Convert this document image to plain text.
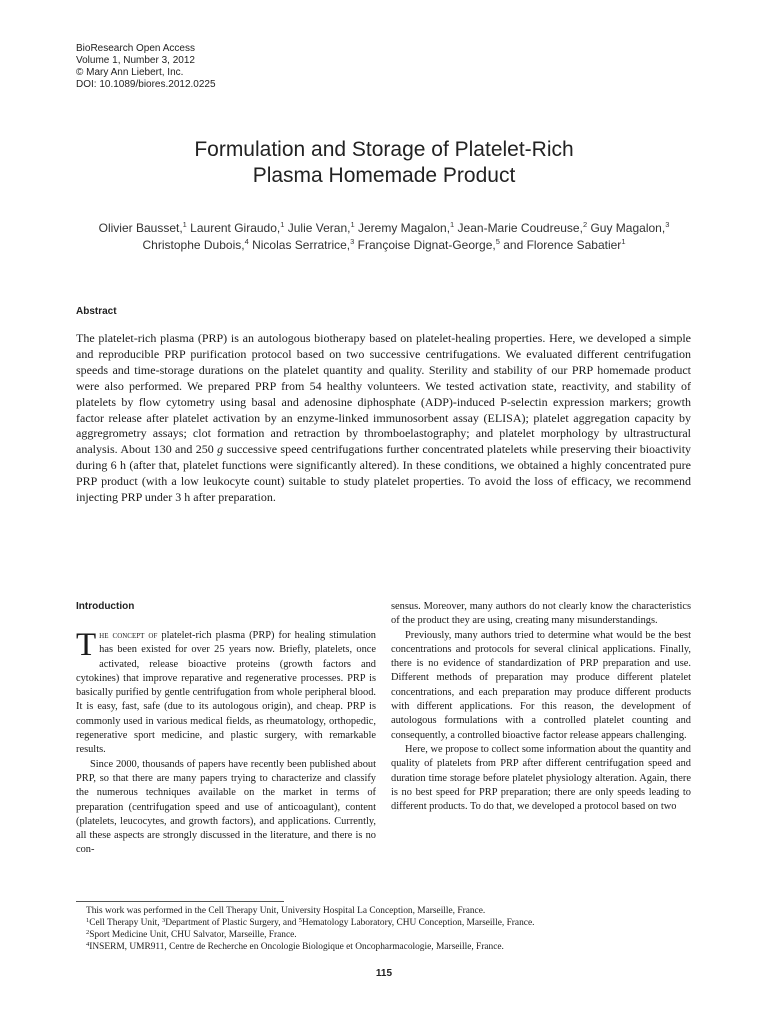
BioResearch Open Access
Volume 1, Number 3, 2012
© Mary Ann Liebert, Inc.
DOI: 10.1089/biores.2012.0225
Formulation and Storage of Platelet-Rich
Plasma Homemade Product
Olivier Bausset,$^1$ Laurent Giraudo,$^1$ Julie Veran,$^1$ Jeremy Magalon,$^1$ Jean-Marie Coudreuse,$^2$ Guy Magalon,$^3$
Christophe Dubois,$^4$ Nicolas Serratrice,$^3$ Françoise Dignat-George,$^5$ and Florence Sabatier$^1$
Abstract
The platelet-rich plasma (PRP) is an autologous biotherapy based on platelet-healing properties. Here, we developed a simple and reproducible PRP purification protocol based on two successive centrifugations. We evaluated different centrifugation speeds and time-storage durations on the platelet quantity and quality. Sterility and stability of our PRP homemade product were also performed. We prepared PRP from 54 healthy volunteers. We tested activation state, reactivity, and stability of platelets by flow cytometry using basal and adenosine diphosphate (ADP)-induced P-selectin expression markers; growth factor release after platelet activation by an enzyme-linked immunosorbent assay (ELISA); platelet aggregation capacity by aggregrometry assays; clot formation and retraction by thromboelastography; and platelet morphology by ultrastructural analysis. About 130 and 250 g successive speed centrifugations further concentrated platelets while preserving their bioactivity during 6 h (after that, platelet functions were significantly altered). In these conditions, we obtained a highly concentrated pure PRP product (with a low leukocyte count) suitable to study platelet properties. To avoid the loss of efficacy, we recommend injecting PRP under 3 h after preparation.
Introduction

The concept of platelet-rich plasma (PRP) for healing stimulation has been existed for over 25 years now. Briefly, platelets, once activated, release bioactive proteins (growth factors and cytokines) that improve reparative and regenerative processes. PRP is basically purified by gentle centrifugation from whole peripheral blood. It is easy, fast, safe (due to its autologous origin), and cheap. PRP is commonly used in various medical fields, as rheumatology, orthopedic, regenerative sport medicine, and plastic surgery, with remarkable results.

Since 2000, thousands of papers have recently been published about PRP, so that there are many papers trying to characterize and classify the numerous techniques available on the market in terms of preparation (centrifugation speed and use of anticoagulant), content (platelets, leucocytes, and growth factors), and applications. Currently, all these aspects are strongly discussed in the literature, and there is no con-

sensus. Moreover, many authors do not clearly know the characteristics of the product they are using, creating many misunderstandings.

Previously, many authors tried to determine what would be the best concentrations and protocols for several clinical applications. Finally, there is no evidence of standardization of PRP preparation and use. Different methods of preparation may produce different platelet concentrations, and each preparation may produce different products with different applications. For this reason, the development of autologous formulations with a controlled platelet counting and consequently, a controlled bioactive factor release appears challenging.

Here, we propose to collect some information about the quantity and quality of platelets from PRP after different centrifugation speed and duration time storage before platelet physiology alteration. Again, there is no best speed for PRP preparation; there are only speeds leading to different products. To do that, we developed a protocol based on two

This work was performed in the Cell Therapy Unit, University Hospital La Conception, Marseille, France.
$^1$Cell Therapy Unit, $^3$Department of Plastic Surgery, and $^5$Hematology Laboratory, CHU Conception, Marseille, France.
$^2$Sport Medicine Unit, CHU Salvator, Marseille, France.
$^4$INSERM, UMR911, Centre de Recherche en Oncologie Biologique et Oncopharmacologie, Marseille, France.
115
